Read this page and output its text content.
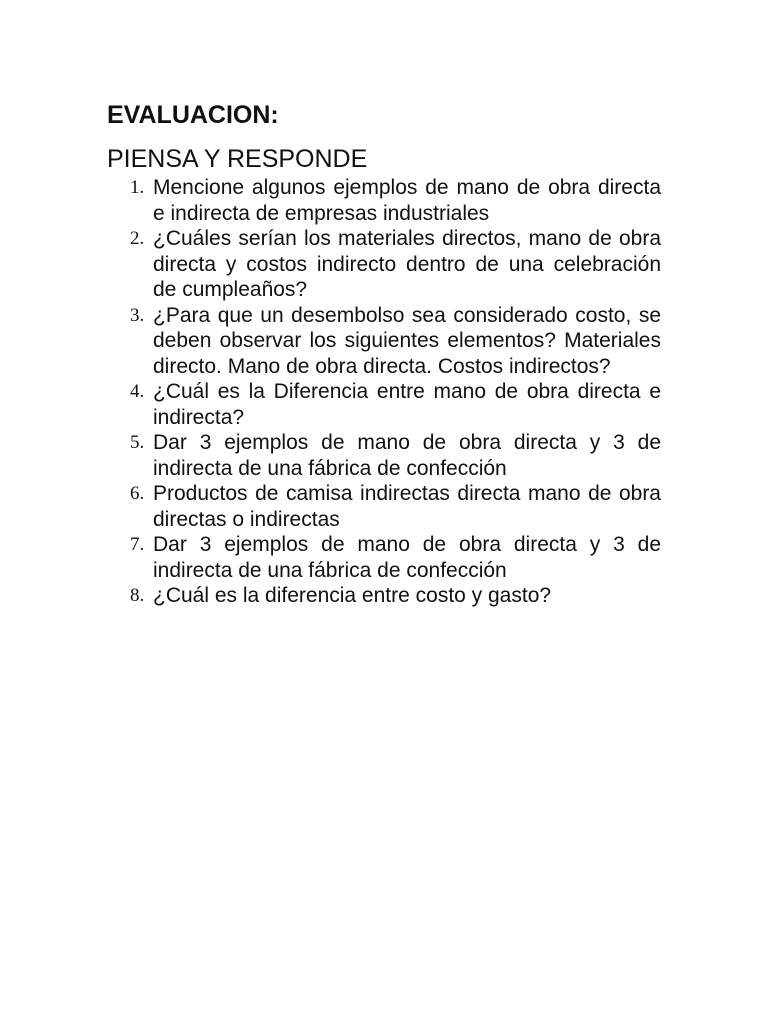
EVALUACION:
PIENSA Y RESPONDE
1. Mencione algunos ejemplos de mano de obra directa e indirecta de empresas industriales
2. ¿Cuáles serían los materiales directos, mano de obra directa y costos indirecto dentro de una celebración de cumpleaños?
3. ¿Para que un desembolso sea considerado costo, se deben observar los siguientes elementos? Materiales directo. Mano de obra directa. Costos indirectos?
4. ¿Cuál es la Diferencia entre mano de obra directa e indirecta?
5. Dar 3 ejemplos de mano de obra directa y 3 de indirecta de una fábrica de confección
6. Productos de camisa indirectas directa mano de obra directas o indirectas
7. Dar 3 ejemplos de mano de obra directa y 3 de indirecta de una fábrica de confección
8. ¿Cuál es la diferencia entre costo y gasto?
